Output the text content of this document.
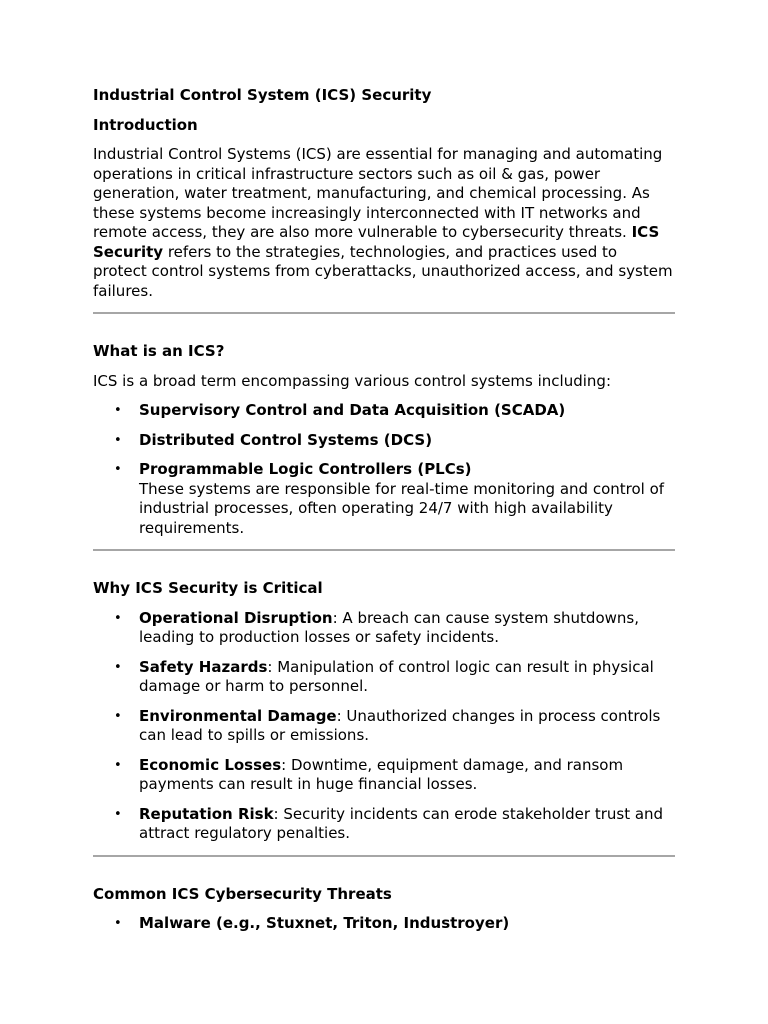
Industrial Control System (ICS) Security
Introduction

Industrial Control Systems (ICS) are essential for managing and automating operations in critical infrastructure sectors such as oil & gas, power generation, water treatment, manufacturing, and chemical processing. As these systems become increasingly interconnected with IT networks and remote access, they are also more vulnerable to cybersecurity threats. ICS Security refers to the strategies, technologies, and practices used to protect control systems from cyberattacks, unauthorized access, and system failures.

What is an ICS?

ICS is a broad term encompassing various control systems including:

• Supervisory Control and Data Acquisition (SCADA)
• Distributed Control Systems (DCS)
• Programmable Logic Controllers (PLCs)
These systems are responsible for real-time monitoring and control of industrial processes, often operating 24/7 with high availability requirements.
Why ICS Security is Critical
• Operational Disruption: A breach can cause system shutdowns, leading to production losses or safety incidents.
• Safety Hazards: Manipulation of control logic can result in physical damage or harm to personnel.
• Environmental Damage: Unauthorized changes in process controls can lead to spills or emissions.
• Economic Losses: Downtime, equipment damage, and ransom payments can result in huge financial losses.
• Reputation Risk: Security incidents can erode stakeholder trust and attract regulatory penalties.
Common ICS Cybersecurity Threats
• Malware (e.g., Stuxnet, Triton, Industroyer)
